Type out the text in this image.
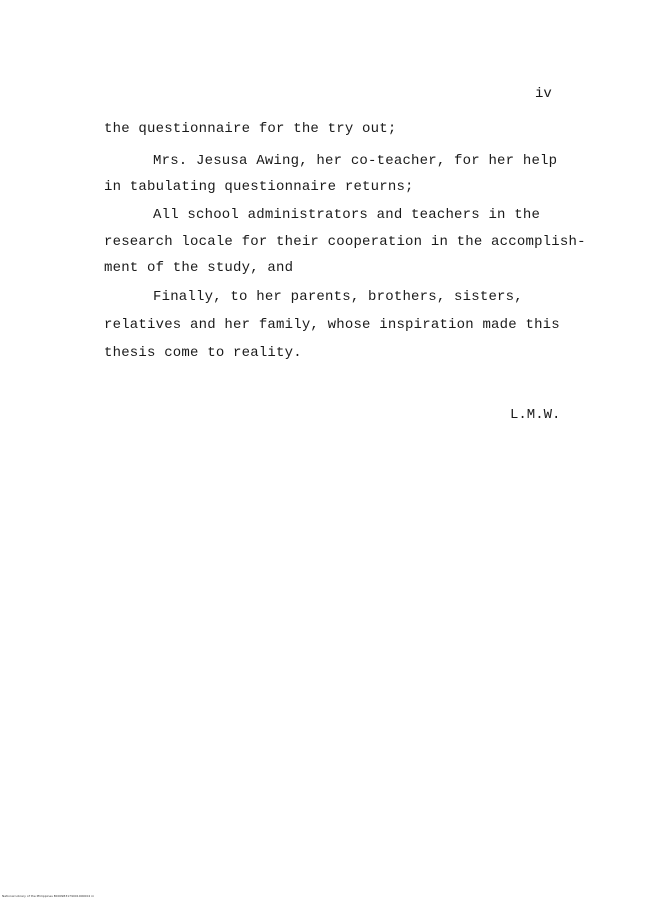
iv
the questionnaire for the try out;
Mrs. Jesusa Awing, her co-teacher, for her help
in tabulating questionnaire returns;
All school administrators and teachers in the
research locale for their cooperation in the accomplish-
ment of the study, and
Finally, to her parents, brothers, sisters,
relatives and her family, whose inspiration made this
thesis come to reality.
L.M.W.
National Library of the Philippines B000983179001000004 iii
